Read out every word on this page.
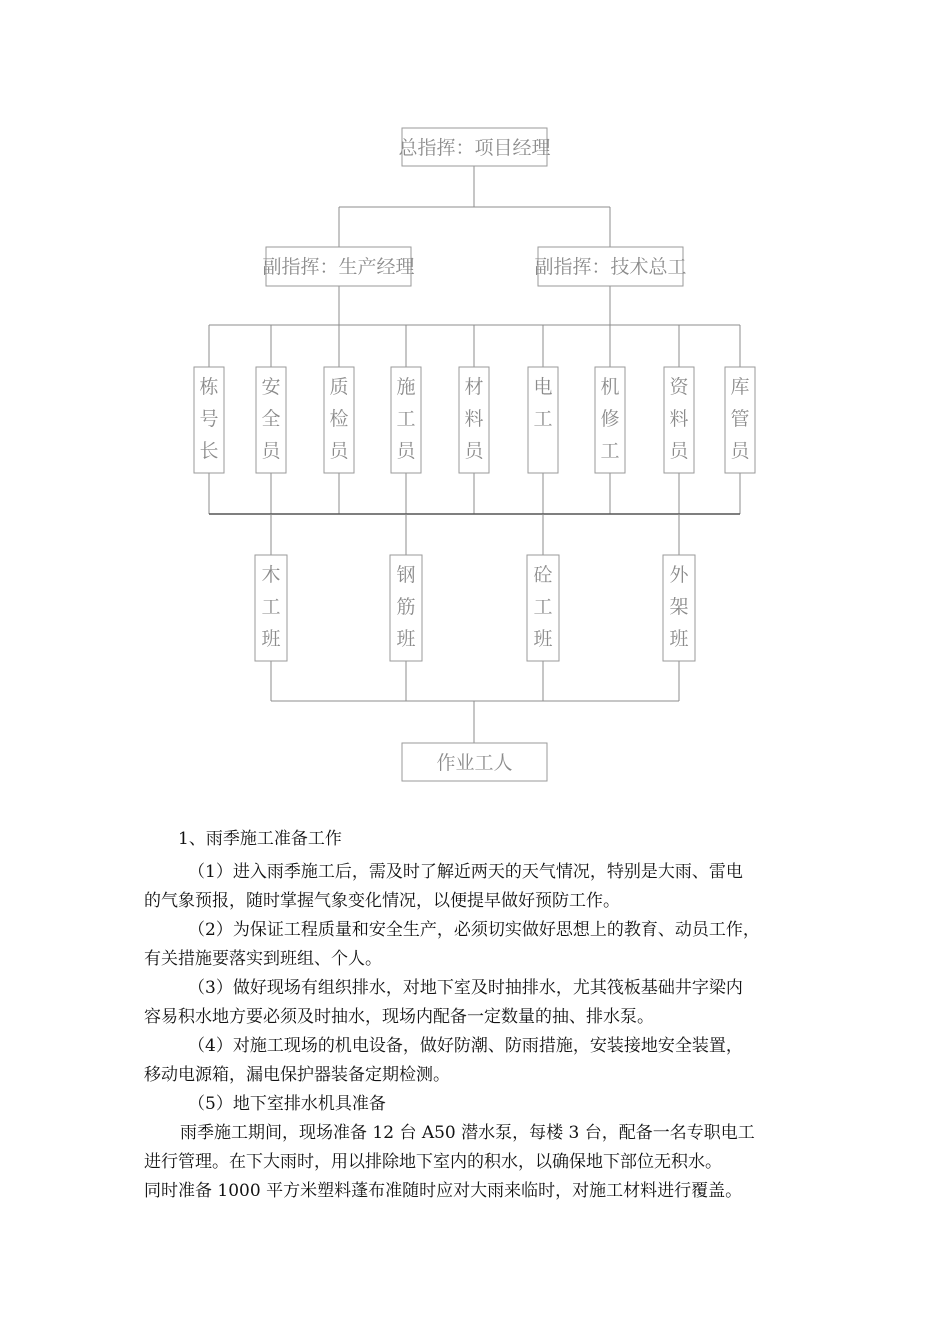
总指挥：项目经理
副指挥：生产经理	副指挥：技术总工
栋
号
长
安
全
员
质
检
员
施
工
员
材
料
员
电
工
机
修
工
资
料
员
库
管
员
木
工
班
钢
筋
班
砼
工
班
外
架
班
作业工人
1、雨季施工准备工作
（1）进入雨季施工后，需及时了解近两天的天气情况，特别是大雨、雷电
的气象预报，随时掌握气象变化情况，以便提早做好预防工作。
（2）为保证工程质量和安全生产，必须切实做好思想上的教育、动员工作，
有关措施要落实到班组、个人。
（3）做好现场有组织排水，对地下室及时抽排水，尤其筏板基础井字梁内
容易积水地方要必须及时抽水，现场内配备一定数量的抽、排水泵。
（4）对施工现场的机电设备，做好防潮、防雨措施，安装接地安全装置，
移动电源箱，漏电保护器装备定期检测。
（5）地下室排水机具准备
雨季施工期间，现场准备 12 台 A50 潜水泵，每楼 3 台，配备一名专职电工
进行管理。在下大雨时，用以排除地下室内的积水，以确保地下部位无积水。
同时准备 1000 平方米塑料蓬布准随时应对大雨来临时，对施工材料进行覆盖。
